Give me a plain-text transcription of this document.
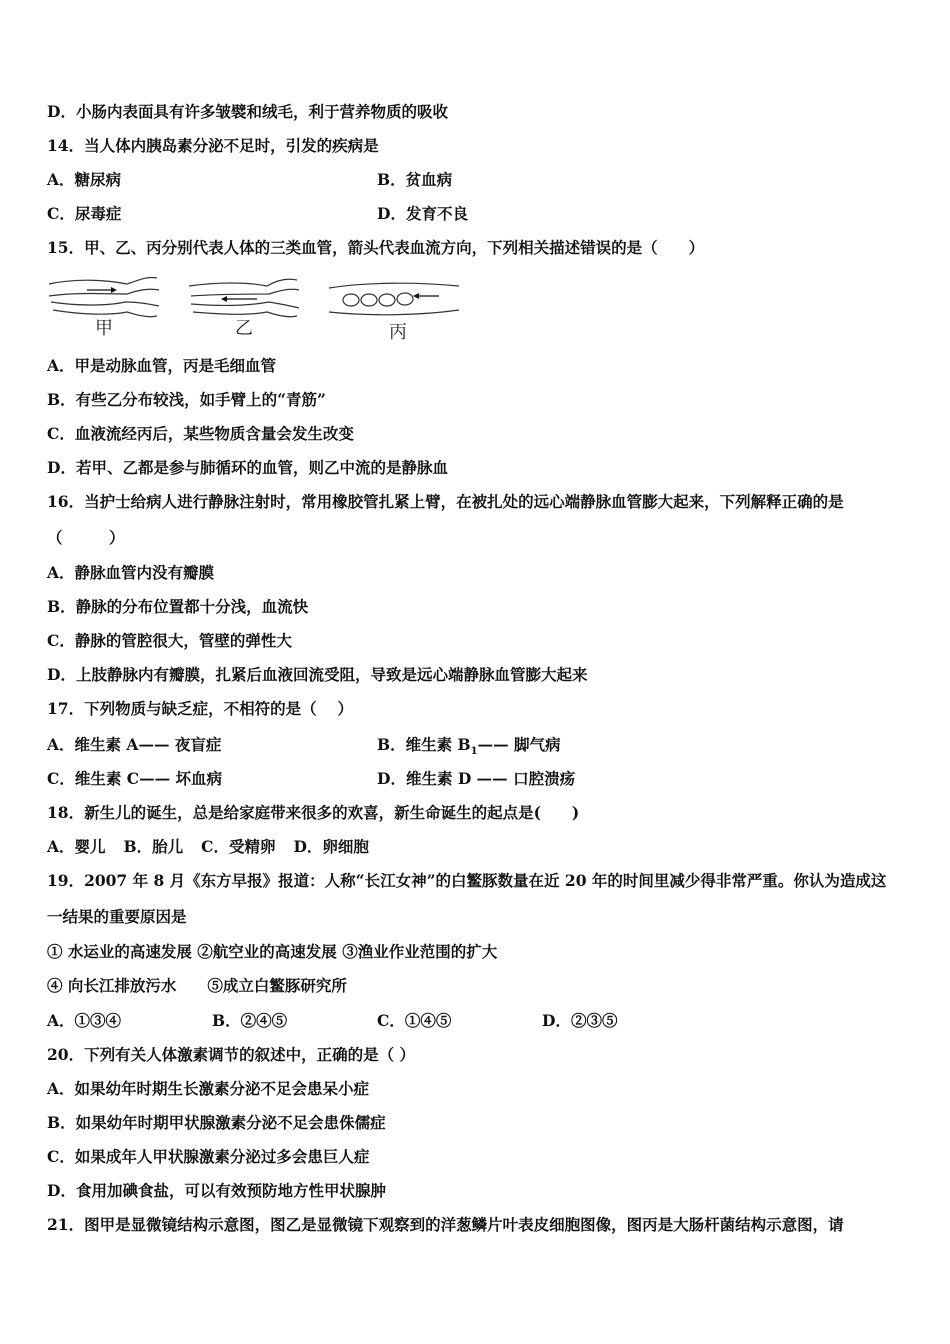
D．小肠内表面具有许多皱襞和绒毛，利于营养物质的吸收
14．当人体内胰岛素分泌不足时，引发的疾病是
A．糖尿病	B．贫血病
C．尿毒症	D．发育不良
15．甲、乙、丙分别代表人体的三类血管，箭头代表血流方向，下列相关描述错误的是（　　）
甲	乙	丙
A．甲是动脉血管，丙是毛细血管
B．有些乙分布较浅，如手臂上的“青筋”
C．血液流经丙后，某些物质含量会发生改变
D．若甲、乙都是参与肺循环的血管，则乙中流的是静脉血
16．当护士给病人进行静脉注射时，常用橡胶管扎紧上臂，在被扎处的远心端静脉血管膨大起来，下列解释正确的是
（　　　）
A．静脉血管内没有瓣膜
B．静脉的分布位置都十分浅，血流快
C．静脉的管腔很大，管壁的弹性大
D．上肢静脉内有瓣膜，扎紧后血液回流受阻，导致是远心端静脉血管膨大起来
17．下列物质与缺乏症，不相符的是（　 ）
A．维生素 A—— 夜盲症	B．维生素 $B_1——$ 脚气病
C．维生素 C—— 坏血病	D．维生素 D —— 口腔溃疡
18．新生儿的诞生，总是给家庭带来很多的欢喜，新生命诞生的起点是(　　)
A．婴儿 B．胎儿 C．受精卵 D．卵细胞
19．2007 年 8 月《东方早报》报道：人称“长江女神”的白鳘豚数量在近 20 年的时间里减少得非常严重。你认为造成这
一结果的重要原因是
① 水运业的高速发展 ②航空业的高速发展 ③渔业作业范围的扩大
④ 向长江排放污水　　⑤成立白鳘豚研究所
A．①③④	B．②④⑤	C．①④⑤	D．②③⑤
20．下列有关人体激素调节的叙述中，正确的是（ ）
A．如果幼年时期生长激素分泌不足会患呆小症
B．如果幼年时期甲状腺激素分泌不足会患侏儒症
C．如果成年人甲状腺激素分泌过多会患巨人症
D．食用加碘食盐，可以有效预防地方性甲状腺肿
21．图甲是显微镜结构示意图，图乙是显微镜下观察到的洋葱鳞片叶表皮细胞图像，图丙是大肠杆菌结构示意图，请
